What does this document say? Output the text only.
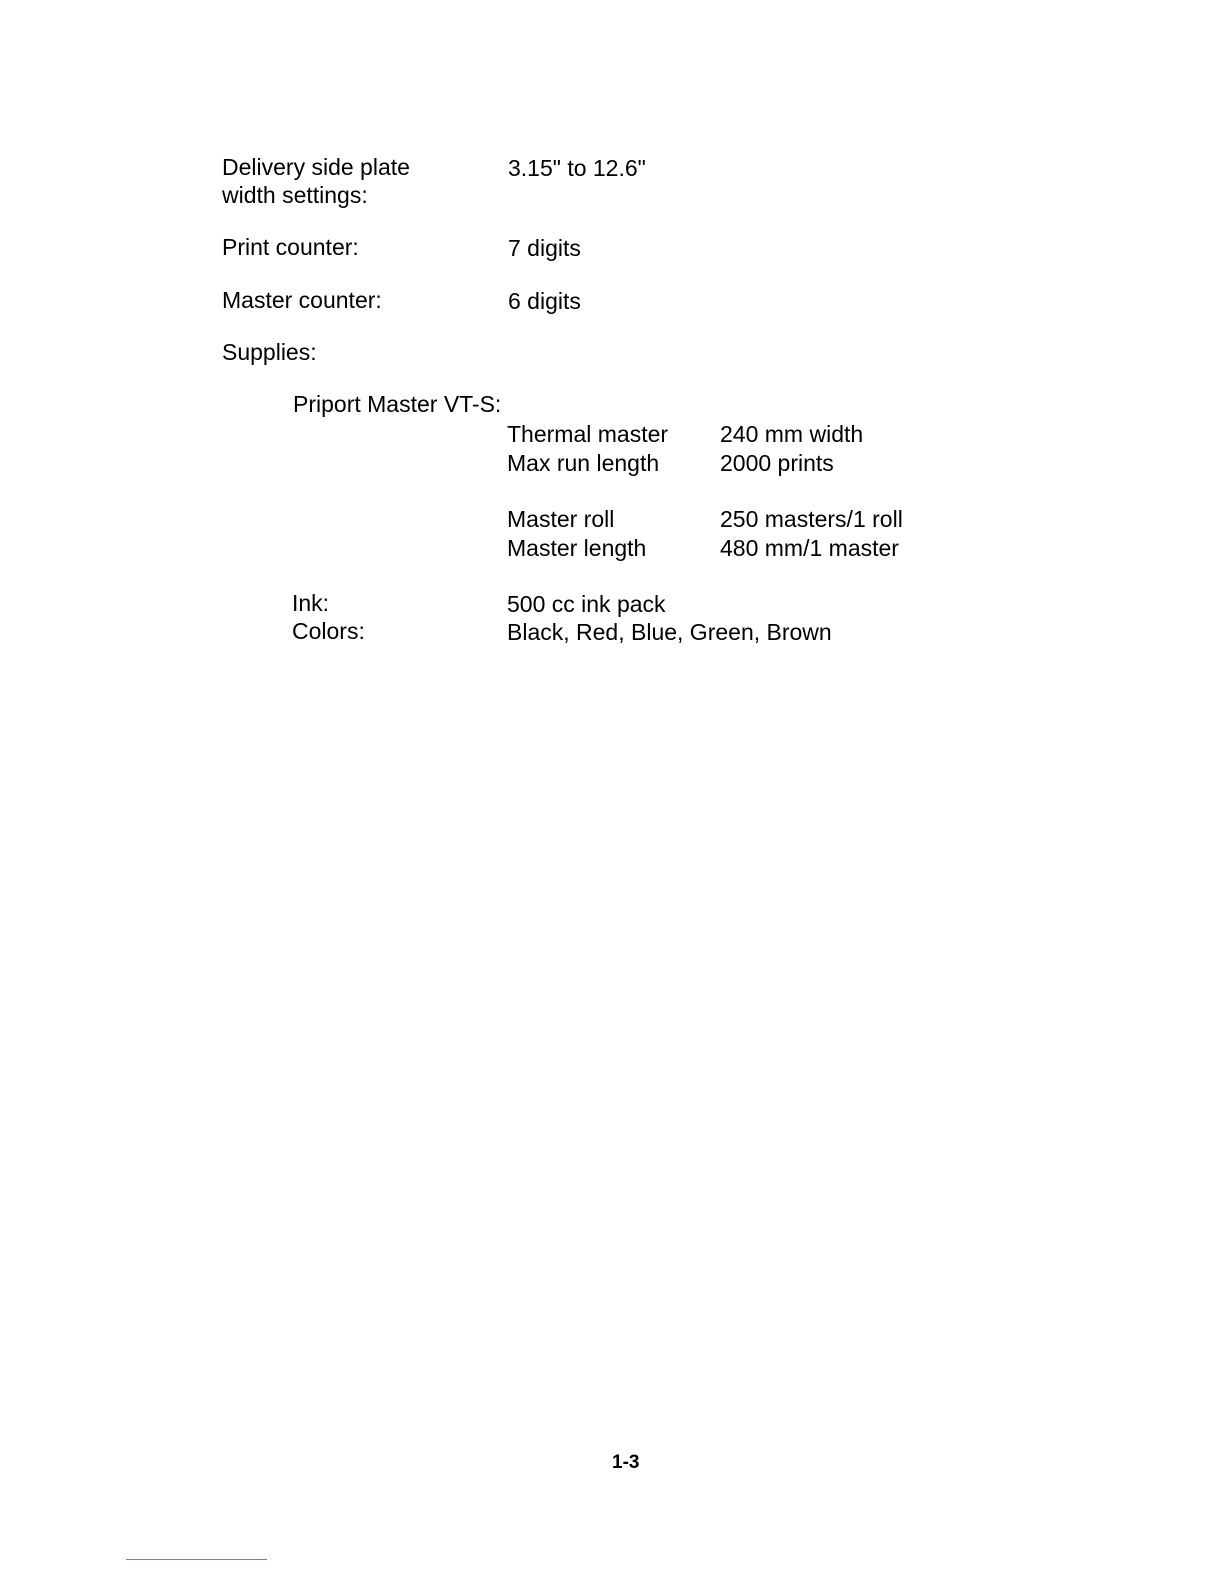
Delivery side plate
width settings:
3.15" to 12.6"
Print counter:	7 digits
Master counter:	6 digits
Supplies:
Priport Master VT-S:
Thermal master 240 mm width
Max run length	2000 prints
Master roll	250 masters/1 roll
Master length	480 mm/1 master
Ink:	500 cc ink pack
Colors:	Black, Red, Blue, Green, Brown
1-3
